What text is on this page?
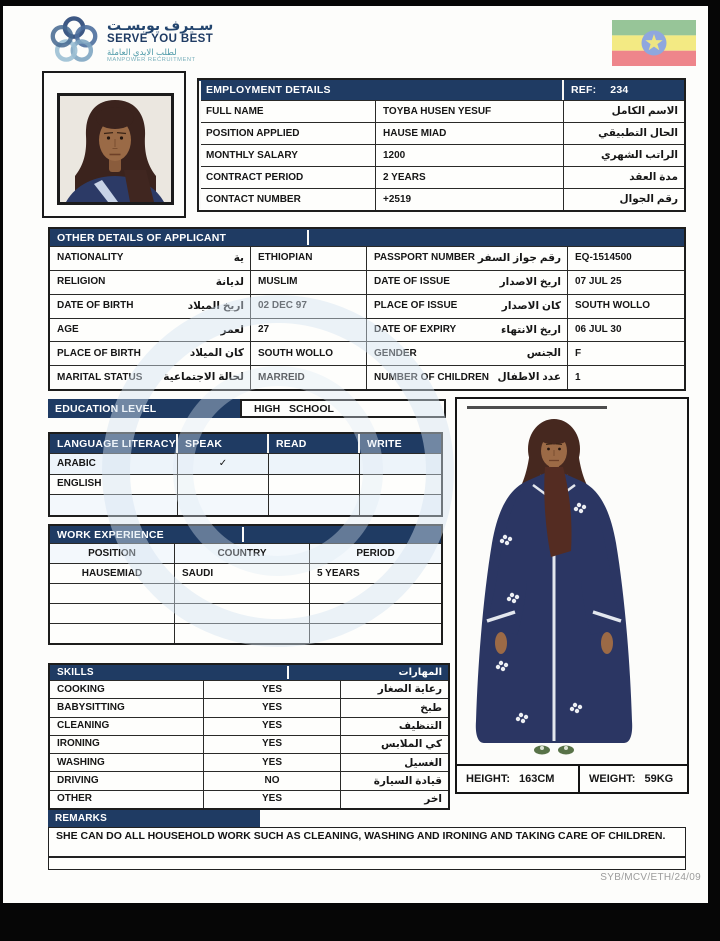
سـيرف يوبسـت
SERVE YOU BEST
لطلب الايدي العاملة
MANPOWER RECRUITMENT
EMPLOYMENT DETAILS	REF: 234
FULL NAME	TOYBA HUSEN YESUF	الاسم الكامل
POSITION APPLIED	HAUSE MIAD	الحال التطبيقي
MONTHLY SALARY	1200	الراتب الشهري
CONTRACT PERIOD	2 YEARS	مدة العقد
CONTACT NUMBER	+2519	رقم الجوال
OTHER DETAILS OF APPLICANT
NATIONALITY	ية	ETHIOPIAN	PASSPORT NUMBER رقم جواز السفر	EQ-1514500
RELIGION	لديانة	MUSLIM	DATE OF ISSUE	اريخ الاصدار	07 JUL 25
DATE OF BIRTH	اريخ الميلاد	02 DEC 97	PLACE OF ISSUE	كان الاصدار	SOUTH WOLLO
AGE	لعمر	27	DATE OF EXPIRY	اريخ الانتهاء	06 JUL 30
PLACE OF BIRTH	كان الميلاد	SOUTH WOLLO	GENDER	الجنس	F
MARITAL STATUS لحالة الاجتماعية	MARREID	NUMBER OF CHILDREN عدد الاطفال	1
EDUCATION LEVEL	HIGH   SCHOOL
LANGUAGE LITERACY SPEAK	READ	WRITE
ARABIC	✓
ENGLISH
WORK EXPERIENCE
POSITION	COUNTRY	PERIOD
HAUSEMIAD	SAUDI	5 YEARS
SKILLS	المهارات
COOKING	YES	رعاية الصغار
BABYSITTING	YES	طبخ
CLEANING	YES	التنظيف
IRONING	YES	كي الملابس
WASHING	YES	الغسيل
DRIVING	NO	قيادة السيارة
OTHER	YES	اخر
HEIGHT: 163CM	WEIGHT: 59KG
REMARKS
SHE CAN DO ALL HOUSEHOLD WORK SUCH AS CLEANING, WASHING AND IRONING AND TAKING CARE OF CHILDREN.
SYB/MCV/ETH/24/09
